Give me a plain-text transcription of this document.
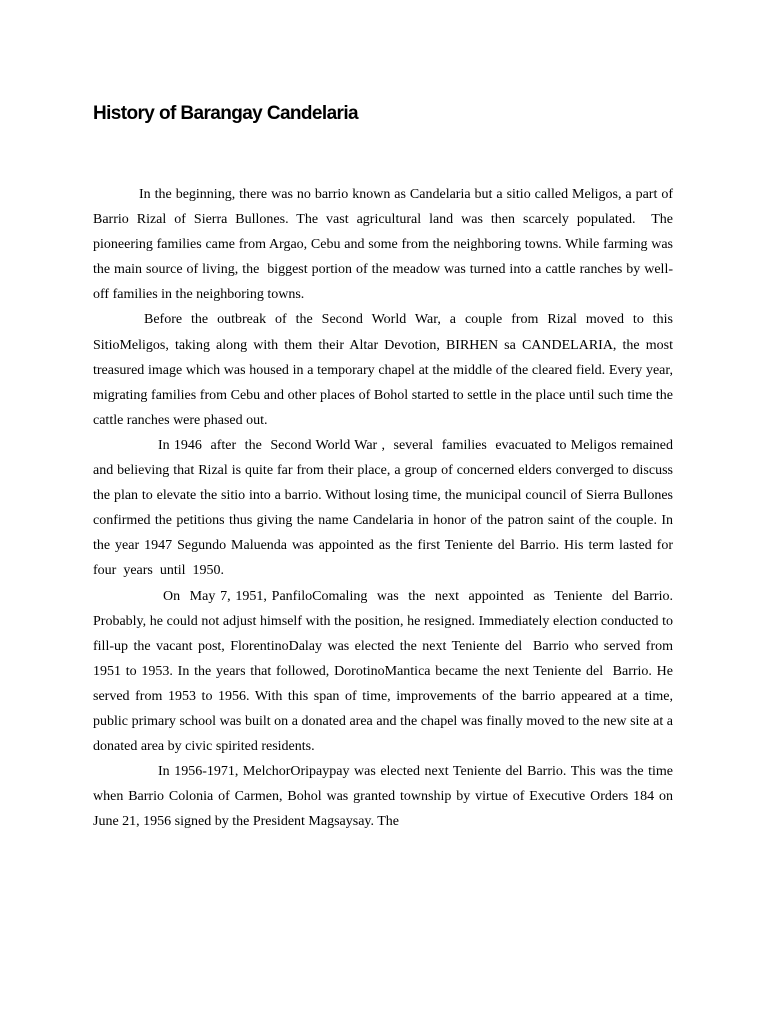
History of Barangay Candelaria

In the beginning, there was no barrio known as Candelaria but a sitio called Meligos, a part of Barrio Rizal of Sierra Bullones. The vast agricultural land was then scarcely populated.  The pioneering families came from Argao, Cebu and some from the neighboring towns. While farming was the main source of living, the  biggest portion of the meadow was turned into a cattle ranches by well-off families in the neighboring towns.

Before the outbreak of the Second World War, a couple from Rizal moved to this SitioMeligos, taking along with them their Altar Devotion, BIRHEN sa CANDELARIA, the most treasured image which was housed in a temporary chapel at the middle of the cleared field. Every year, migrating families from Cebu and other places of Bohol started to settle in the place until such time the cattle ranches were phased out.

In 1946  after  the  Second World War ,  several  families  evacuated to Meligos remained and believing that Rizal is quite far from their place, a group of concerned elders converged to discuss the plan to elevate the sitio into a barrio. Without losing time, the municipal council of Sierra Bullones confirmed the petitions thus giving the name Candelaria in honor of the patron saint of the couple. In the year 1947 Segundo Maluenda was appointed as the first Teniente del Barrio. His term lasted for four  years  until  1950.

On  May 7, 1951, PanfiloComaling  was  the  next  appointed  as  Teniente  del Barrio. Probably, he could not adjust himself with the position, he resigned. Immediately election conducted to fill-up the vacant post, FlorentinoDalay was elected the next Teniente del  Barrio who served from 1951 to 1953. In the years that followed, DorotinoMantica became the next Teniente del  Barrio. He served from 1953 to 1956. With this span of time, improvements of the barrio appeared at a time, public primary school was built on a donated area and the chapel was finally moved to the new site at a donated area by civic spirited residents.

In 1956-1971, MelchorOripaypay was elected next Teniente del Barrio. This was the time when Barrio Colonia of Carmen, Bohol was granted township by virtue of Executive Orders 184 on June 21, 1956 signed by the President Magsaysay. The
